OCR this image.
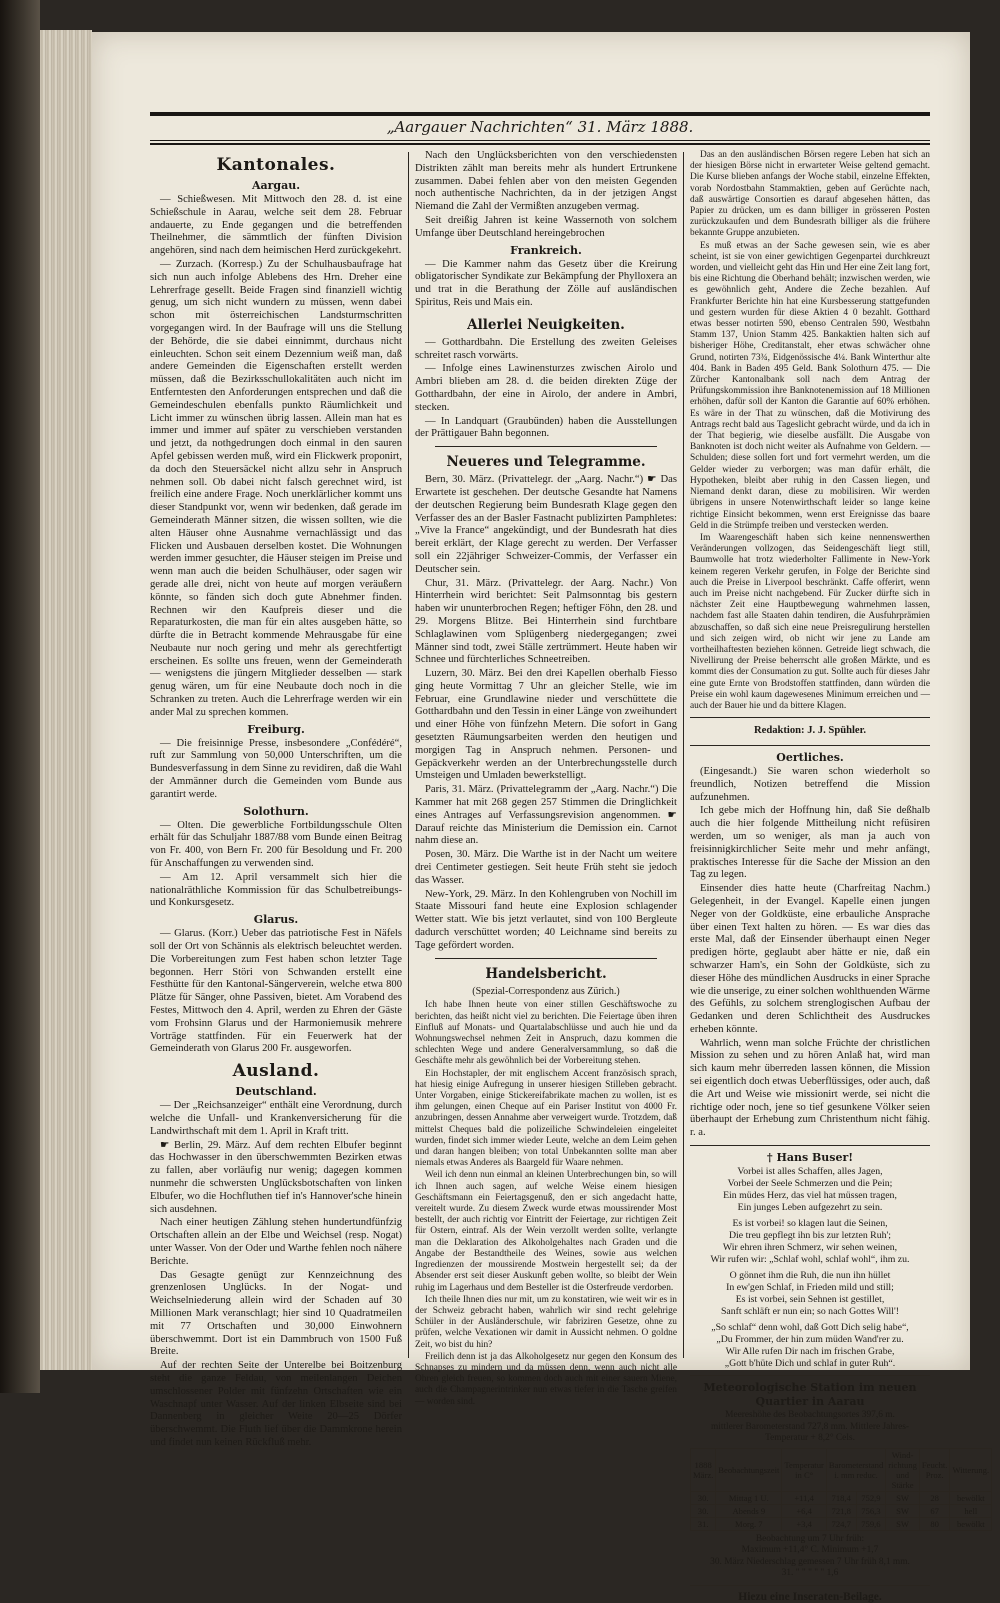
„Aargauer Nachrichten“ 31. März 1888.
Kantonales.
Aargau.

— Schießwesen. Mit Mittwoch den 28. d. ist eine Schießschule in Aarau, welche seit dem 28. Februar andauerte, zu Ende gegangen und die betreffenden Theilnehmer, die sämmtlich der fünften Division angehören, sind nach dem heimischen Herd zurückgekehrt.

— Zurzach. (Korresp.) Zu der Schulhausbaufrage hat sich nun auch infolge Ablebens des Hrn. Dreher eine Lehrerfrage gesellt. Beide Fragen sind finanziell wichtig genug, um sich nicht wundern zu müssen, wenn dabei schon mit österreichischen Landsturmschritten vorgegangen wird. In der Baufrage will uns die Stellung der Behörde, die sie dabei einnimmt, durchaus nicht einleuchten. Schon seit einem Dezennium weiß man, daß andere Gemeinden die Eigenschaften erstellt werden müssen, daß die Bezirksschullokalitäten auch nicht im Entferntesten den Anforderungen entsprechen und daß die Gemeindeschulen ebenfalls punkto Räumlichkeit und Licht immer zu wünschen übrig lassen. Allein man hat es immer und immer auf später zu verschieben verstanden und jetzt, da nothgedrungen doch einmal in den sauren Apfel gebissen werden muß, wird ein Flickwerk proponirt, da doch den Steuersäckel nicht allzu sehr in Anspruch nehmen soll. Ob dabei nicht falsch gerechnet wird, ist freilich eine andere Frage. Noch unerklärlicher kommt uns dieser Standpunkt vor, wenn wir bedenken, daß gerade im Gemeinderath Männer sitzen, die wissen sollten, wie die alten Häuser ohne Ausnahme vernachlässigt und das Flicken und Ausbauen derselben kostet. Die Wohnungen werden immer gesuchter, die Häuser steigen im Preise und wenn man auch die beiden Schulhäuser, oder sagen wir gerade alle drei, nicht von heute auf morgen veräußern könnte, so fänden sich doch gute Abnehmer finden. Rechnen wir den Kaufpreis dieser und die Reparaturkosten, die man für ein altes ausgeben hätte, so dürfte die in Betracht kommende Mehrausgabe für eine Neubaute nur noch gering und mehr als gerechtfertigt erscheinen. Es sollte uns freuen, wenn der Gemeinderath — wenigstens die jüngern Mitglieder desselben — stark genug wären, um für eine Neubaute doch noch in die Schranken zu treten. Auch die Lehrerfrage werden wir ein ander Mal zu sprechen kommen.

Freiburg.

— Die freisinnige Presse, insbesondere „Confédéré“, ruft zur Sammlung von 50,000 Unterschriften, um die Bundesverfassung in dem Sinne zu revidiren, daß die Wahl der Ammänner durch die Gemeinden vom Bunde aus garantirt werde.

Solothurn.

— Olten. Die gewerbliche Fortbildungsschule Olten erhält für das Schuljahr 1887/88 vom Bunde einen Beitrag von Fr. 400, von Bern Fr. 200 für Besoldung und Fr. 200 für Anschaffungen zu verwenden sind.

— Am 12. April versammelt sich hier die nationalräthliche Kommission für das Schulbetreibungs- und Konkursgesetz.

Glarus.

— Glarus. (Korr.) Ueber das patriotische Fest in Näfels soll der Ort von Schännis als elektrisch beleuchtet werden. Die Vorbereitungen zum Fest haben schon letzter Tage begonnen. Herr Störi von Schwanden erstellt eine Festhütte für den Kantonal-Sängerverein, welche etwa 800 Plätze für Sänger, ohne Passiven, bietet. Am Vorabend des Festes, Mittwoch den 4. April, werden zu Ehren der Gäste vom Frohsinn Glarus und der Harmoniemusik mehrere Vorträge stattfinden. Für ein Feuerwerk hat der Gemeinderath von Glarus 200 Fr. ausgeworfen.

Ausland.
Deutschland.

— Der „Reichsanzeiger“ enthält eine Verordnung, durch welche die Unfall- und Krankenversicherung für die Landwirthschaft mit dem 1. April in Kraft tritt.

☛ Berlin, 29. März. Auf dem rechten Elbufer beginnt das Hochwasser in den überschwemmten Bezirken etwas zu fallen, aber vorläufig nur wenig; dagegen kommen nunmehr die schwersten Unglücksbotschaften von linken Elbufer, wo die Hochfluthen tief in's Hannover'sche hinein sich ausdehnen.

Nach einer heutigen Zählung stehen hundertundfünfzig Ortschaften allein an der Elbe und Weichsel (resp. Nogat) unter Wasser. Von der Oder und Warthe fehlen noch nähere Berichte.

Das Gesagte genügt zur Kennzeichnung des grenzenlosen Unglücks. In der Nogat- und Weichselniederung allein wird der Schaden auf 30 Millionen Mark veranschlagt; hier sind 10 Quadratmeilen mit 77 Ortschaften und 30,000 Einwohnern überschwemmt. Dort ist ein Dammbruch von 1500 Fuß Breite.

Auf der rechten Seite der Unterelbe bei Boitzenburg steht die ganze Feldau, von meilenlangen Deichen umschlossener Polder mit fünfzehn Ortschaften wie ein Waschnapf unter Wasser. Auf der linken Elbseite sind bei Dannenberg in gleicher Weite 20—25 Dörfer überschwemmt. Die Fluth lief über die Dammkrone herein und findet nun keinen Rückfluß mehr.

Nach den Unglücksberichten von den verschiedensten Distrikten zählt man bereits mehr als hundert Ertrunkene zusammen. Dabei fehlen aber von den meisten Gegenden noch authentische Nachrichten, da in der jetzigen Angst Niemand die Zahl der Vermißten anzugeben vermag.

Seit dreißig Jahren ist keine Wassernoth von solchem Umfange über Deutschland hereingebrochen

Frankreich.

— Die Kammer nahm das Gesetz über die Kreirung obligatorischer Syndikate zur Bekämpfung der Phylloxera an und trat in die Berathung der Zölle auf ausländischen Spiritus, Reis und Mais ein.

Allerlei Neuigkeiten.

— Gotthardbahn. Die Erstellung des zweiten Geleises schreitet rasch vorwärts.

— Infolge eines Lawinensturzes zwischen Airolo und Ambri blieben am 28. d. die beiden direkten Züge der Gotthardbahn, der eine in Airolo, der andere in Ambri, stecken.

— In Landquart (Graubünden) haben die Ausstellungen der Prättigauer Bahn begonnen.

Neueres und Telegramme.

Bern, 30. März. (Privattelegr. der „Aarg. Nachr.“) ☛ Das Erwartete ist geschehen. Der deutsche Gesandte hat Namens der deutschen Regierung beim Bundesrath Klage gegen den Verfasser des an der Basler Fastnacht publizirten Pamphletes: „Vive la France“ angekündigt, und der Bundesrath hat dies bereit erklärt, der Klage gerecht zu werden. Der Verfasser soll ein 22jähriger Schweizer-Commis, der Verfasser ein Deutscher sein.

Chur, 31. März. (Privattelegr. der Aarg. Nachr.) Von Hinterrhein wird berichtet: Seit Palmsonntag bis gestern haben wir ununterbrochen Regen; heftiger Föhn, den 28. und 29. Morgens Blitze. Bei Hinterrhein sind furchtbare Schlaglawinen vom Splügenberg niedergegangen; zwei Männer sind todt, zwei Ställe zertrümmert. Heute haben wir Schnee und fürchterliches Schneetreiben.

Luzern, 30. März. Bei den drei Kapellen oberhalb Fiesso ging heute Vormittag 7 Uhr an gleicher Stelle, wie im Februar, eine Grundlawine nieder und verschüttete die Gotthardbahn und den Tessin in einer Länge von zweihundert und einer Höhe von fünfzehn Metern. Die sofort in Gang gesetzten Räumungsarbeiten werden den heutigen und morgigen Tag in Anspruch nehmen. Personen- und Gepäckverkehr werden an der Unterbrechungsstelle durch Umsteigen und Umladen bewerkstelligt.

Paris, 31. März. (Privattelegramm der „Aarg. Nachr.“) Die Kammer hat mit 268 gegen 257 Stimmen die Dringlichkeit eines Antrages auf Verfassungsrevision angenommen. ☛ Darauf reichte das Ministerium die Demission ein. Carnot nahm diese an.

Posen, 30. März. Die Warthe ist in der Nacht um weitere drei Centimeter gestiegen. Seit heute Früh steht sie jedoch das Wasser.

New-York, 29. März. In den Kohlengruben von Nochill im Staate Missouri fand heute eine Explosion schlagender Wetter statt. Wie bis jetzt verlautet, sind von 100 Bergleute dadurch verschüttet worden; 40 Leichname sind bereits zu Tage gefördert worden.

Handelsbericht.
(Spezial-Correspondenz aus Zürich.)

Ich habe Ihnen heute von einer stillen Geschäftswoche zu berichten, das heißt nicht viel zu berichten. Die Feiertage üben ihren Einfluß auf Monats- und Quartalabschlüsse und auch hie und da Wohnungswechsel nehmen Zeit in Anspruch, dazu kommen die schlechten Wege und andere Generalversammlung, so daß die Geschäfte mehr als gewöhnlich bei der Vorbereitung stehen.

Ein Hochstapler, der mit englischem Accent französisch sprach, hat hiesig einige Aufregung in unserer hiesigen Stilleben gebracht. Unter Vorgaben, einige Stickereifabrikate machen zu wollen, ist es ihm gelungen, einen Cheque auf ein Pariser Institut von 4000 Fr. anzubringen, dessen Annahme aber verweigert wurde. Trotzdem, daß mittelst Cheques bald die polizeiliche Schwindeleien eingeleitet wurden, findet sich immer wieder Leute, welche an dem Leim gehen und daran hangen bleiben; von total Unbekannten sollte man aber niemals etwas Anderes als Baargeld für Waare nehmen.

Weil ich denn nun einmal an kleinen Unterbrechungen bin, so will ich Ihnen auch sagen, auf welche Weise einem hiesigen Geschäftsmann ein Feiertagsgenuß, den er sich angedacht hatte, vereitelt wurde. Zu diesem Zweck wurde etwas moussirender Most bestellt, der auch richtig vor Eintritt der Feiertage, zur richtigen Zeit für Ostern, eintraf. Als der Wein verzollt werden sollte, verlangte man die Deklaration des Alkoholgehaltes nach Graden und die Angabe der Bestandtheile des Weines, sowie aus welchen Ingredienzen der moussirende Mostwein hergestellt sei; da der Absender erst seit dieser Auskunft geben wollte, so bleibt der Wein ruhig im Lagerhaus und dem Besteller ist die Osterfreude verdorben.

Ich theile Ihnen dies nur mit, um zu konstatiren, wie weit wir es in der Schweiz gebracht haben, wahrlich wir sind recht gelehrige Schüler in der Ausländerschule, wir fabriziren Gesetze, ohne zu prüfen, welche Vexationen wir damit in Aussicht nehmen. O goldne Zeit, wo bist du hin?

Freilich denn ist ja das Alkoholgesetz nur gegen den Konsum des Schnapses zu mindern und da müssen denn, wenn auch nicht alle Ohren gleich freuen, so kommen doch auch mit einer sauern Miene, auch die Champagnerintrinker nun etwas tiefer in die Tasche greifen — worden sind.

Das an den ausländischen Börsen regere Leben hat sich an der hiesigen Börse nicht in erwarteter Weise geltend gemacht. Die Kurse blieben anfangs der Woche stabil, einzelne Effekten, vorab Nordostbahn Stammaktien, geben auf Gerüchte nach, daß auswärtige Consortien es darauf abgesehen hätten, das Papier zu drücken, um es dann billiger in grösseren Posten zurückzukaufen und dem Bundesrath billiger als die frühere bekannte Gruppe anzubieten.

Es muß etwas an der Sache gewesen sein, wie es aber scheint, ist sie von einer gewichtigen Gegenpartei durchkreuzt worden, und vielleicht geht das Hin und Her eine Zeit lang fort, bis eine Richtung die Oberhand behält; inzwischen werden, wie es gewöhnlich geht, Andere die Zeche bezahlen. Auf Frankfurter Berichte hin hat eine Kursbesserung stattgefunden und gestern wurden für diese Aktien 4 0 bezahlt. Gotthard etwas besser notirten 590, ebenso Centralen 590, Westbahn Stamm 137, Union Stamm 425. Bankaktien halten sich auf bisheriger Höhe, Creditanstalt, eher etwas schwächer ohne Grund, notirten 73¾, Eidgenössische 4¼. Bank Winterthur alte 404. Bank in Baden 495 Geld. Bank Solothurn 475. — Die Zürcher Kantonalbank soll nach dem Antrag der Prüfungskommission ihre Banknotenemission auf 18 Millionen erhöhen, dafür soll der Kanton die Garantie auf 60% erhöhen. Es wäre in der That zu wünschen, daß die Motivirung des Antrags recht bald aus Tageslicht gebracht würde, und da ich in der That begierig, wie dieselbe ausfällt. Die Ausgabe von Banknoten ist doch nicht weiter als Aufnahme von Geldern. — Schulden; diese sollen fort und fort vermehrt werden, um die Gelder wieder zu verborgen; was man dafür erhält, die Hypotheken, bleibt aber ruhig in den Cassen liegen, und Niemand denkt daran, diese zu mobilisiren. Wir werden übrigens in unsere Notenwirthschaft leider so lange keine richtige Einsicht bekommen, wenn erst Ereignisse das baare Geld in die Strümpfe treiben und verstecken werden.

Im Waarengeschäft haben sich keine nennenswerthen Veränderungen vollzogen, das Seidengeschäft liegt still, Baumwolle hat trotz wiederholter Fallimente in New-York keinem regeren Verkehr gerufen, in Folge der Berichte sind auch die Preise in Liverpool beschränkt. Caffe offerirt, wenn auch im Preise nicht nachgebend. Für Zucker dürfte sich in nächster Zeit eine Hauptbewegung wahrnehmen lassen, nachdem fast alle Staaten dahin tendiren, die Ausfuhrprämien abzuschaffen, so daß sich eine neue Preisregulirung herstellen und sich zeigen wird, ob nicht wir jene zu Lande am vortheilhaftesten beziehen können. Getreide liegt schwach, die Nivellirung der Preise beherrscht alle großen Märkte, und es kommt dies der Consumation zu gut. Sollte auch für dieses Jahr eine gute Ernte von Brodstoffen stattfinden, dann würden die Preise ein wohl kaum dagewesenes Minimum erreichen und — auch der Bauer hie und da bittere Klagen.

Redaktion: J. J. Spühler.
Oertliches.

(Eingesandt.) Sie waren schon wiederholt so freundlich, Notizen betreffend die Mission aufzunehmen.

Ich gebe mich der Hoffnung hin, daß Sie deßhalb auch die hier folgende Mittheilung nicht refüsiren werden, um so weniger, als man ja auch von freisinnigkirchlicher Seite mehr und mehr anfängt, praktisches Interesse für die Sache der Mission an den Tag zu legen.

Einsender dies hatte heute (Charfreitag Nachm.) Gelegenheit, in der Evangel. Kapelle einen jungen Neger von der Goldküste, eine erbauliche Ansprache über einen Text halten zu hören. — Es war dies das erste Mal, daß der Einsender überhaupt einen Neger predigen hörte, geglaubt aber hätte er nie, daß ein schwarzer Ham's, ein Sohn der Goldküste, sich zu dieser Höhe des mündlichen Ausdrucks in einer Sprache wie die unserige, zu einer solchen wohlthuenden Wärme des Gefühls, zu solchem strenglogischen Aufbau der Gedanken und deren Schlichtheit des Ausdruckes erheben könnte.

Wahrlich, wenn man solche Früchte der christlichen Mission zu sehen und zu hören Anlaß hat, wird man sich kaum mehr überreden lassen können, die Mission sei eigentlich doch etwas Ueberflüssiges, oder auch, daß die Art und Weise wie missionirt werde, sei nicht die richtige oder noch, jene so tief gesunkene Völker seien überhaupt der Erhebung zum Christenthum nicht fähig. r. a.

† Hans Buser!
Vorbei ist alles Schaffen, alles Jagen,
Vorbei der Seele Schmerzen und die Pein;
Ein müdes Herz, das viel hat müssen tragen,
Ein junges Leben aufgezehrt zu sein.
Es ist vorbei! so klagen laut die Seinen,
Die treu gepflegt ihn bis zur letzten Ruh';
Wir ehren ihren Schmerz, wir sehen weinen,
Wir rufen wir: „Schlaf wohl, schlaf wohl“, ihm zu.
O gönnet ihm die Ruh, die nun ihn hüllet
In ew'gen Schlaf, in Frieden mild und still;
Es ist vorbei, sein Sehnen ist gestillet,
Sanft schläft er nun ein; so nach Gottes Will'!
„So schlaf“ denn wohl, daß Gott Dich selig habe“,
„Du Frommer, der hin zum müden Wand'rer zu.
Wir Alle rufen Dir nach im frischen Grabe,
„Gott b'hüte Dich und schlaf in guter Ruh“.
Meteorologische Station im neuen Quartier in Aarau
Meereshöhe des Beobachtungsortes 397,6 m.
mittlerer Barometerstand 727,8 mm. Mittlere Jahres-Temperatur + 8,2° Cels.
1888 März.	Beobachtungszeit	Temperatur in C°	Barometerstand i. mm reduc.		Wind-richtung und Stärke	Feucht. Proz.	Witterung.
30.	Mittag 1 U.	+11,4	718,4	752,9	SW	28	bewölkt
30.	Abends 9	+6,4	721,8	756,3	SW	67	hell
31.	Morg. 7	+3,4	724,7	759,6	SW	80	bewölkt
Beobachtung um 7 Uhr früh:
Maximum +11,4° C. Minimum +1,7
30. März Niederschlag gemessen 7 Uhr früh 8,1 mm.
31. " " " " " 1,6
Hiezu eine Inseraten-Beilage.
